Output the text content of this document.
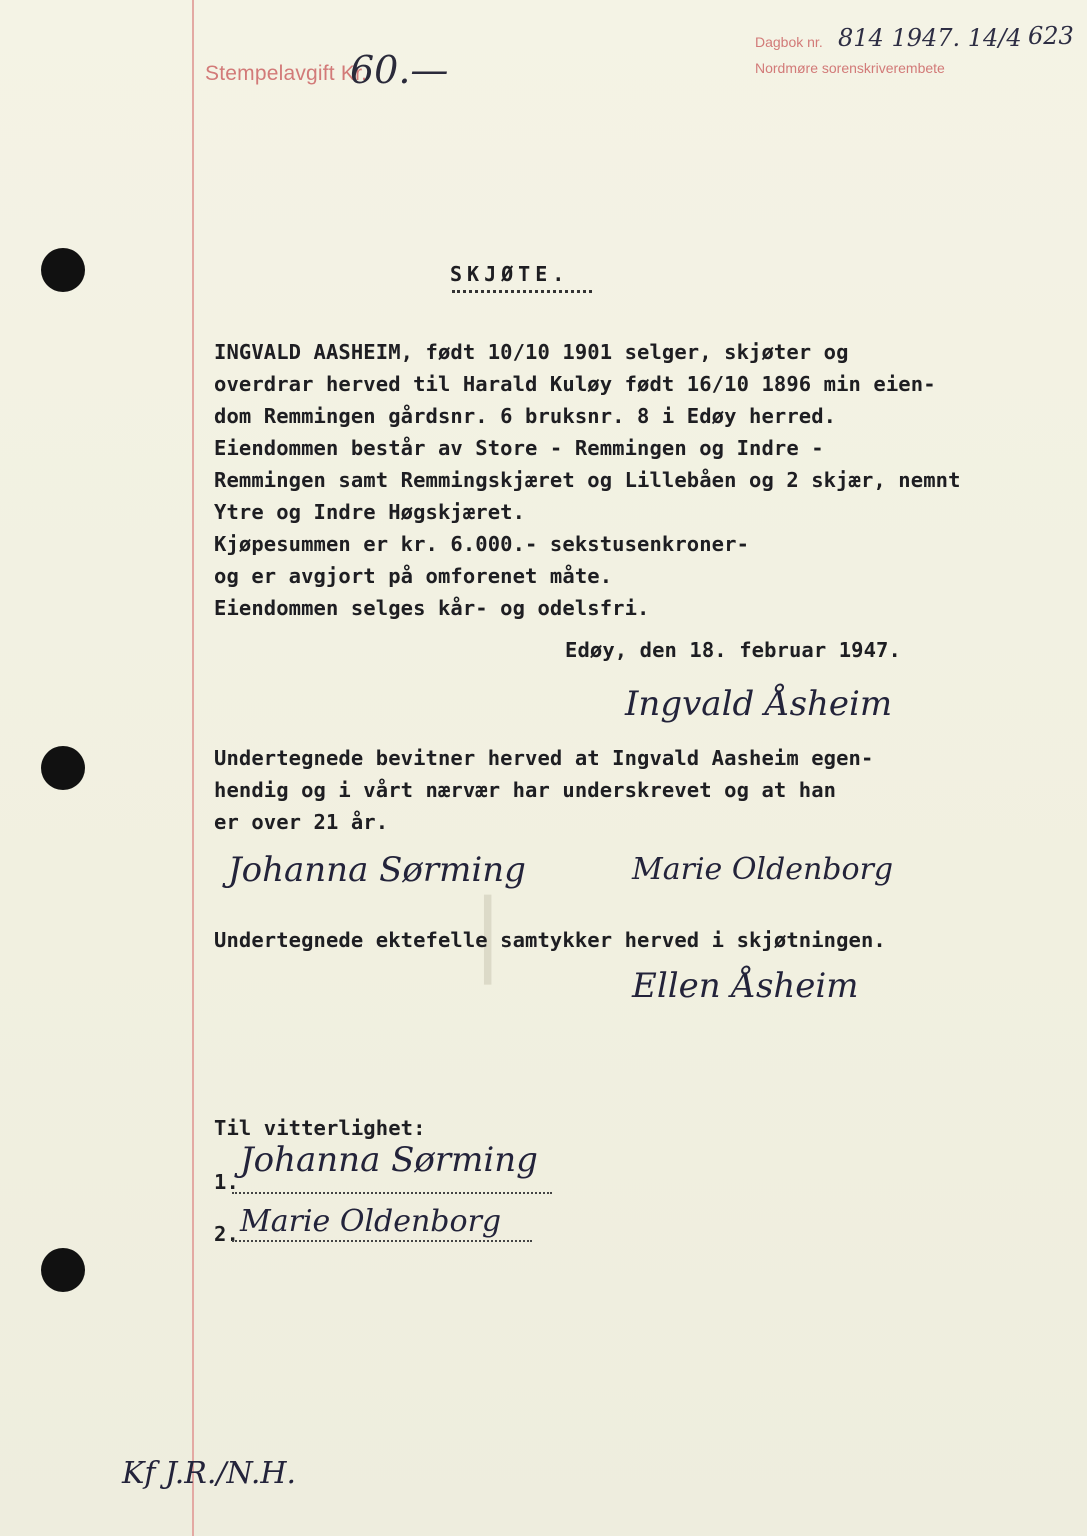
❘
Stempelavgift Kr.
60.—
Dagbok nr. 814 1947. 14/4
Nordmøre sorenskriverembete
623
SKJØTE.
INGVALD AASHEIM, født 10/10 1901 selger, skjøter og
overdrar herved til Harald Kuløy født 16/10 1896 min eien-
dom Remmingen gårdsnr. 6 bruksnr. 8 i Edøy herred.
Eiendommen består av Store - Remmingen og Indre -
Remmingen samt Remmingskjæret og Lillebåen og 2 skjær, nemnt
Ytre og Indre Høgskjæret.
Kjøpesummen er kr. 6.000.- sekstusenkroner-
og er avgjort på omforenet måte.
Eiendommen selges kår- og odelsfri.
Edøy, den 18. februar 1947.
Ingvald Åsheim
Undertegnede bevitner herved at Ingvald Aasheim egen-
hendig og i vårt nærvær har underskrevet og at han
er over 21 år.
Johanna Sørming	Marie Oldenborg
Undertegnede ektefelle samtykker herved i skjøtningen.
Ellen Åsheim
Til vitterlighet:
1.
Johanna Sørming
2. Marie Oldenborg
Kf J.R./N.H.
